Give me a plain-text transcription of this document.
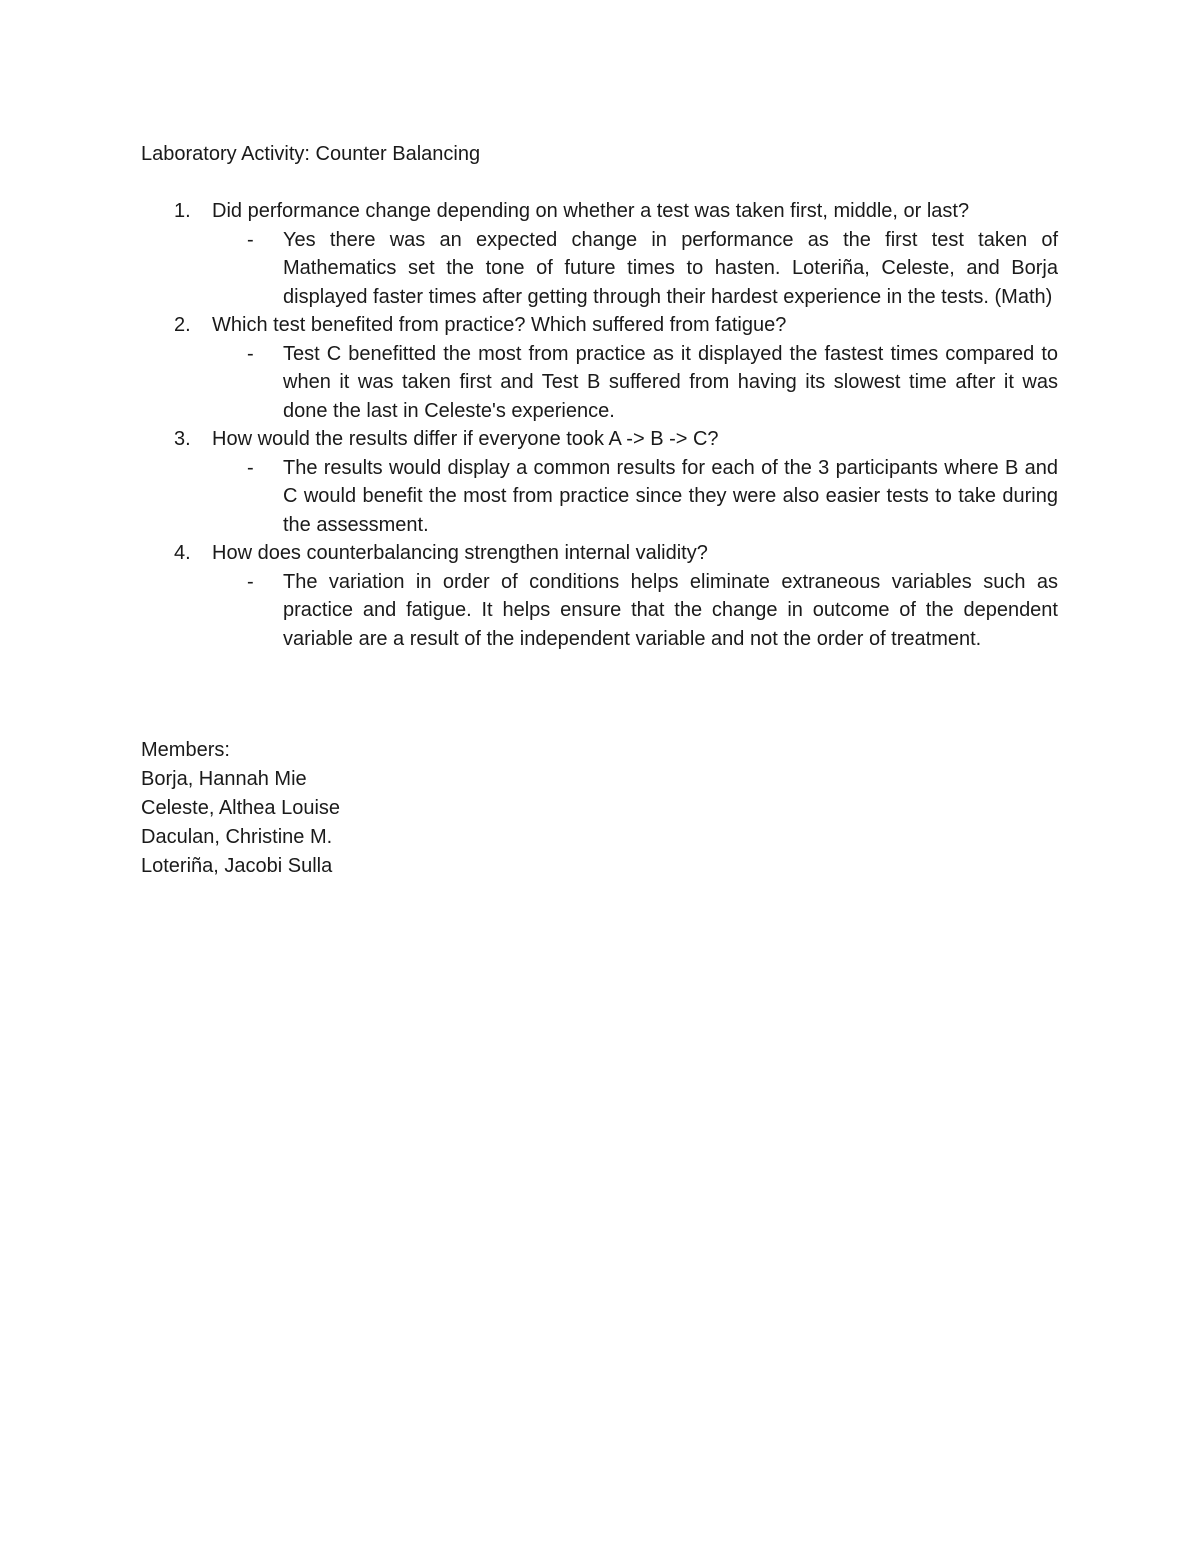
Laboratory Activity: Counter Balancing
1. Did performance change depending on whether a test was taken first, middle, or last?
- Yes there was an expected change in performance as the first test taken of Mathematics set the tone of future times to hasten. Loteriña, Celeste, and Borja displayed faster times after getting through their hardest experience in the tests. (Math)
2. Which test benefited from practice? Which suffered from fatigue?
- Test C benefitted the most from practice as it displayed the fastest times compared to when it was taken first and Test B suffered from having its slowest time after it was done the last in Celeste's experience.
3. How would the results differ if everyone took A -> B -> C?
- The results would display a common results for each of the 3 participants where B and C would benefit the most from practice since they were also easier tests to take during the assessment.
4. How does counterbalancing strengthen internal validity?
- The variation in order of conditions helps eliminate extraneous variables such as practice and fatigue. It helps ensure that the change in outcome of the dependent variable are a result of the independent variable and not the order of treatment.
Members:
Borja, Hannah Mie
Celeste, Althea Louise
Daculan, Christine M.
Loteriña, Jacobi Sulla
